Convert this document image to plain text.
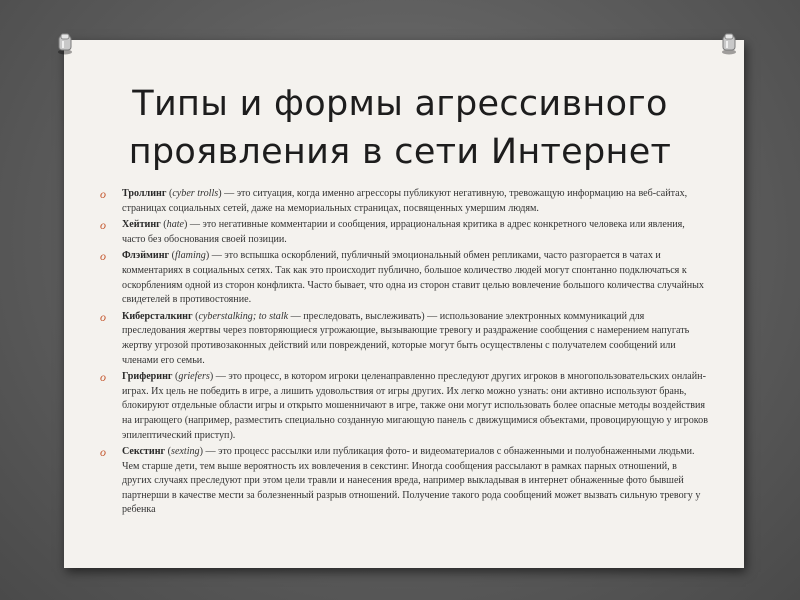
Типы и формы агрессивного проявления в сети Интернет
o Троллинг (cyber trolls) — это ситуация, когда именно агрессоры публикуют негативную, тревожащую информацию на веб-сайтах, страницах социальных сетей, даже на мемориальных страницах, посвященных умершим людям.
o Хейтинг (hate) — это негативные комментарии и сообщения, иррациональная критика в адрес конкретного человека или явления, часто без обоснования своей позиции.
o Флэйминг (flaming) — это вспышка оскорблений, публичный эмоциональный обмен репликами, часто разгорается в чатах и комментариях в социальных сетях. Так как это происходит публично, большое количество людей могут спонтанно подключаться к оскорблениям одной из сторон конфликта. Часто бывает, что одна из сторон ставит целью вовлечение большого количества случайных свидетелей в противостояние.
o Киберсталкинг (cyberstalking; to stalk — преследовать, выслеживать) — использование электронных коммуникаций для преследования жертвы через повторяющиеся угрожающие, вызывающие тревогу и раздражение сообщения с намерением напугать жертву угрозой противозаконных действий или повреждений, которые могут быть осуществлены с получателем сообщений или членами его семьи.
o Гриферинг (griefers) — это процесс, в котором игроки целенаправленно преследуют других игроков в многопользовательских онлайн-играх. Их цель не победить в игре, а лишить удовольствия от игры других. Их легко можно узнать: они активно используют брань, блокируют отдельные области игры и открыто мошенничают в игре, также они могут использовать более опасные методы воздействия на играющего (например, разместить специально созданную мигающую панель с движущимися объектами, провоцирующую у игроков эпилептический приступ).
o Секстинг (sexting) — это процесс рассылки или публикация фото- и видеоматериалов с обнаженными и полуобнаженными людьми. Чем старше дети, тем выше вероятность их вовлечения в секстинг. Иногда сообщения рассылают в рамках парных отношений, в других случаях преследуют при этом цели травли и нанесения вреда, например выкладывая в интернет обнаженные фото бывшей партнерши в качестве мести за болезненный разрыв отношений. Получение такого рода сообщений может вызвать сильную тревогу у ребенка
